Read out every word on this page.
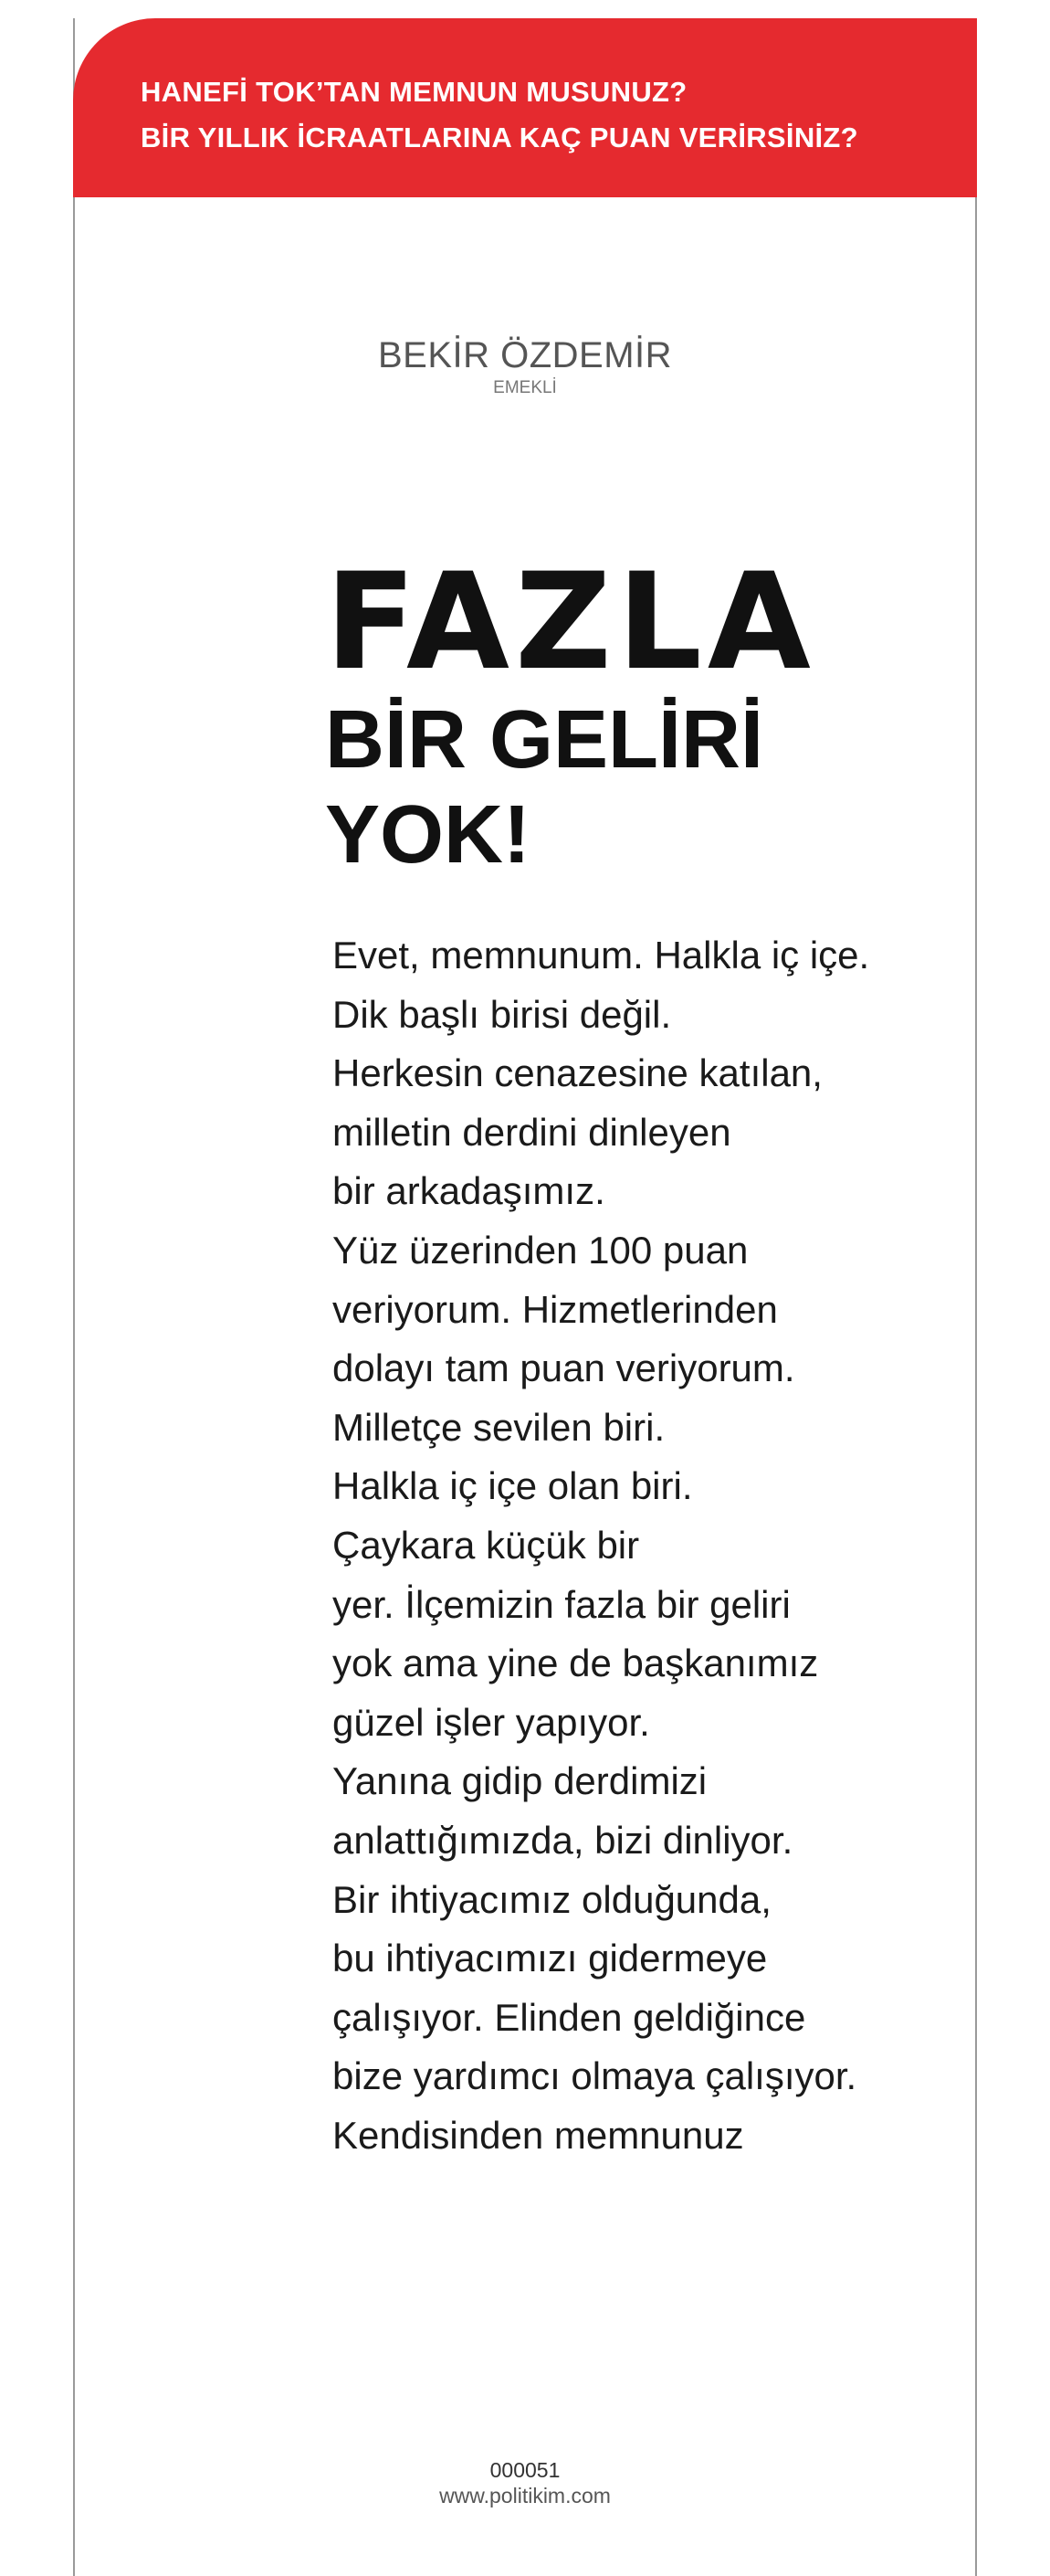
HANEFİ TOK’TAN MEMNUN MUSUNUZ?
BİR YILLIK İCRAATLARINA KAÇ PUAN VERİRSİNİZ?
BEKİR ÖZDEMİR
EMEKLİ
FAZLA
BİR GELİRİ
YOK!
Evet, memnunum. Halkla iç içe.
Dik başlı birisi değil.
Herkesin cenazesine katılan,
milletin derdini dinleyen
bir arkadaşımız.
Yüz üzerinden 100 puan
veriyorum. Hizmetlerinden
dolayı tam puan veriyorum.
Milletçe sevilen biri.
Halkla iç içe olan biri.
Çaykara küçük bir
yer. İlçemizin fazla bir geliri
yok ama yine de başkanımız
güzel işler yapıyor.
Yanına gidip derdimizi
anlattığımızda, bizi dinliyor.
Bir ihtiyacımız olduğunda,
bu ihtiyacımızı gidermeye
çalışıyor. Elinden geldiğince
bize yardımcı olmaya çalışıyor.
Kendisinden memnunuz
000051
www.politikim.com
